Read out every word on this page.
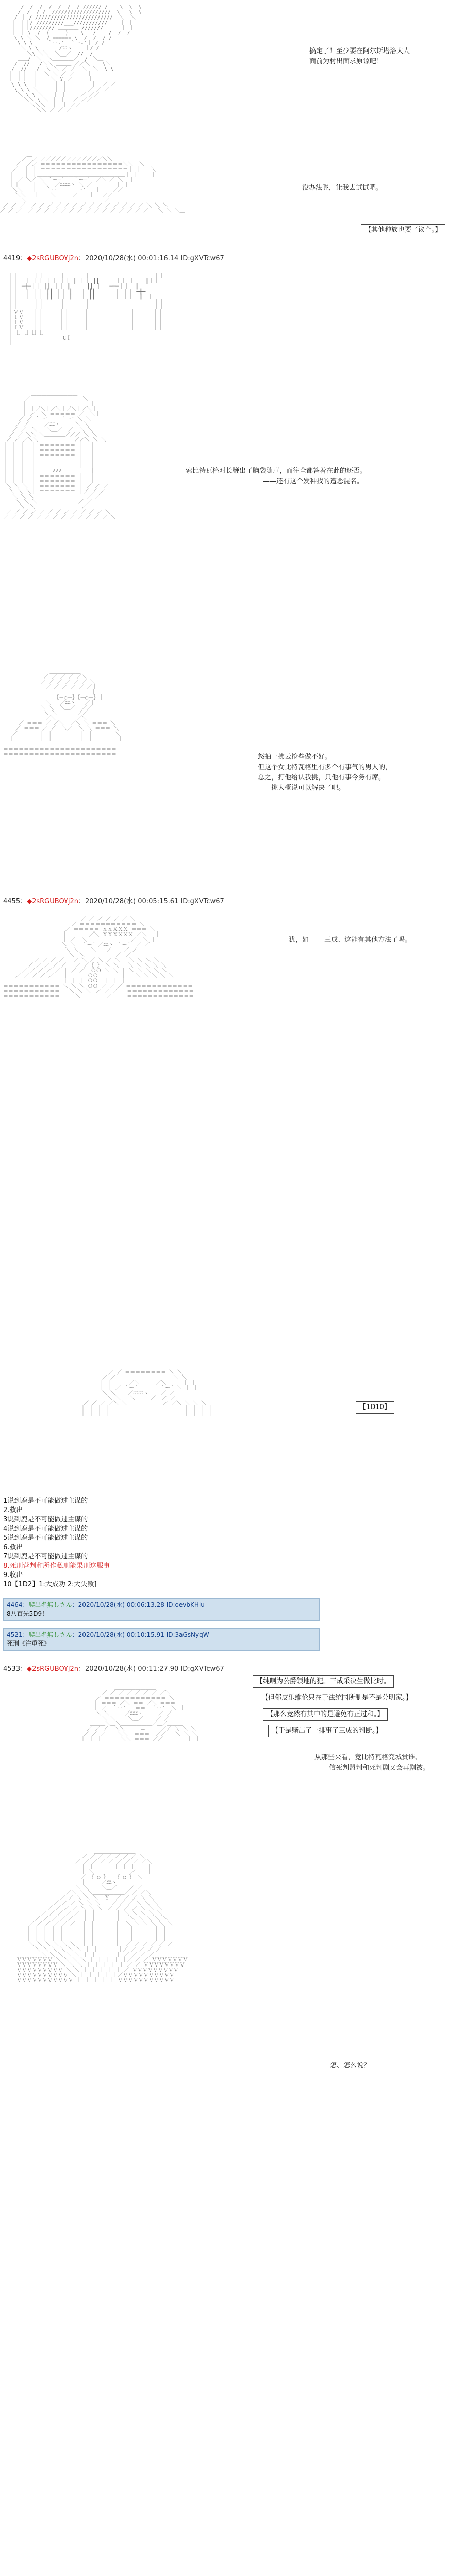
/  /  /  /  /  /  / ////// /    \  \  \
/  /  / /  ///////////////////  \   \  \
/ ｜ / /////////////////////////  ＼  ＼ ｜
｜ ｜｜/ /////////___///////////    ｜ ｜ ｜
｜ ｜｜//////// ＿＿＿＿ ///////   ｜ ｜ ｜
｜ ｜ \  /  (＿＿＿)    \   /    /  /  /
\ \ ＼ ＼__/ ====== \__/  /  / /
\ \ \  ｜ ｀ー‐´  ｀ー‐´｜ / /
＼ \ \ ｜    /ﾆﾆヽ    ｜/ /
＼\ ＼＼  ＼__／  //  /
＿＿/￣＼  ＼＿＿＿＿／  /￣＼＿
/  //   /＼＼ ＿＿＿ ／／＼    \＼
/  //   /  ＼ ＼ ／ ／  ＼  ＼  \ \
｜ ｜｜  ｜  ＼ ＼ ／ ／    ｜  ｜ ｜｜
｜ ｜｜  ｜    ＼ Ｙ ／     ｜  ｜ ｜｜
\ \ \  ｜     ｜ ｜｜      ｜  ／ ／
\ \ \ ＼     ｜ ｜｜     ／ ／ ／
＼ \ \ ＼   ｜ ｜｜   ／ ／／
＼＼ \ ＼ ｜ ｜｜ ／ ／／
＼＼＼  ｜＿｜ ／／
＼＼ ／ ／ ／

搞定了！至少要在阿尔斯塔洛大人
面前为村出面求原谅吧！

＿＿＿＿＿＿＿＿＿＿＿＿＿
／￣／ ／／／／／／／／／／／／＼＼＿＿
／  ／／ ＝＝＝＝＝＝＝＝＝＝＝＝＝＝＝＝＼＼  ＼
／  ｜ ｜ ＝＝＝＝＝＝＝＝＝＝＝＝＝＝＝＝＝｜ ｜   ＼
｜   ｜ ｜＿＿＿＿＿＿＿＿＿＿＿＿＿＿＿＿＿｜ ｜    ｜
｜ ／ ＼／ ＼ ｀ー―´   ｀ー―´  ／＼ ／ ＼  ｜
｜｜    ｜  ＼  ／ﾆﾆﾆﾆヽ ＼ ／  ｜    ｜ ｜
＼＼   ｜   ｀ー＿＿＿＿ー´   ｜    ／／
＼＼ ＿｜＿  ＼ ＿＿ ／  ＿｜＿ ／／
＿＿＿＼＿＿＿＿＿＿＿＿＿＿＿＿＿＿＿／＿＿＿＿＿＿＿＿＿
／ ／ ／  ／ ／ ／ ／ ／ ／ ／ ／ ／ ／ ／ ／ ／ ／ ＼ ＼ ＼
／ ／ ／  ／ ／ ／ ／ ／ ／ ／ ／ ／ ／ ／ ／ ／ ／ ／   ＼ ＼ ＼＿
￣￣￣￣￣￣￣￣￣￣￣￣￣￣￣￣￣￣￣￣￣￣￣￣￣￣￣￣￣￣￣￣￣

——没办法呢，让我去试试吧。
【其他种族也要了议个。】
4419：◆2sRGUBOYj2n：2020/10/28(水) 00:01:16.14 ID:gXVTcw67

＿＿＿＿＿＿＿＿＿＿＿＿＿＿＿＿＿＿＿＿＿＿＿＿＿＿＿＿＿
｜｜     ｜｜     ｜｜   ｜｜     ｜｜     ｜｜    ｜｜
｜｜  ｜ ｜｜ ｜｜ ｜｜ ┃ ｜｜ ┃┃ ｜｜ ｜｜ ｜｜  ┃｜｜
｜｜ ━┿━｜｜ ┃┃ ｜｜ ┃ ｜｜ ┃┃ ｜｜ ━┿━｜｜  ┃｜｜
｜｜  ｜ ｜｜ ┃┃ ｜｜ ┃ ｜｜ ┃┃ ｜｜  ｜ ｜｜ ━╋━｜
｜｜  ｜ ｜｜ ┃┃ ｜｜ ┃ ｜｜ ┃┃ ｜｜  ｜ ｜｜  ┃｜｜
｜｜     ｜｜     ｜｜   ｜｜     ｜｜     ｜｜    ｜｜
｜｜     ｜｜     ｜｜   ｜｜     ｜｜     ｜｜    ｜｜
｜ＶＶ   ｜｜     ｜｜   ｜｜     ｜｜     ｜｜    ｜｜
｜ＩＶ   ｜｜     ｜｜   ｜｜     ｜｜     ｜｜    ｜｜
｜ＩＶ   ｜｜     ｜｜   ｜｜     ｜｜     ｜｜    ｜｜
｜ＩＶ   ｜｜     ｜｜   ｜｜     ｜｜     ｜｜    ｜｜
｜［］［］［］［］
｜ ＝＝＝＝＝＝＝＝＝CＩ
｜＿＿＿＿＿＿＿＿＿＿＿＿＿＿＿＿＿＿＿＿＿＿＿＿＿＿＿＿

＿＿＿＿＿＿＿＿＿
／ ＝＝＝＝＝＝＝＝＝ ＼
｜ ＝＝＝＝＝＝＝＝＝＝＝ ｜
｜ ｜／＼｜／＼｜／＼｜／＼｜
｜ ／  ＼ ＝＝＝＝＝ ／  ＼｜
／ ／ ｀ー´    ｀ー´ ＼ ＼
／ ／     ／ﾆﾆヽ     ＼ ＼
／ ／  ＼   ＼＿／  ／  ＼ ＼
／ ／ ＼＼ ＼＿＿＿＿／／／ ＼ ＼
／ ／ ／＼＼＝＝＝＝＝＝＝／／＼ ＼ ＼
｜ ｜ ｜  ｜ ＝＝＝＝＝＝＝ ｜  ｜ ｜ ｜
｜ ｜ ｜  ｜ ＝＝＝＝＝＝＝ ｜  ｜ ｜ ｜
｜ ｜ ｜  ｜ ＝＝＝＝＝＝＝ ｜  ｜ ｜ ｜
｜ ｜ ｜  ｜ ＝＝＝＝＝＝＝ ｜  ｜ ｜ ｜
｜ ｜ ｜  ｜ ＝＝＝＝＝＝＝ ｜  ｜ ｜ ｜
｜ ｜ ｜  ｜ ＝＝ ∧∧∧ ＝＝ ｜  ｜ ｜ ｜
｜ ｜ ｜  ｜ ＝＝＝＝＝＝＝ ｜  ｜ ｜ ｜
｜ ｜ ｜  ｜ ＝＝＝＝＝＝＝ ｜  ｜ ｜ ｜
＼ ＼ ＼ ｜ ＝＝＝＝＝＝＝ ｜ ／ ／ ／
＼ ＼ ＼｜ ＝＝＝＝＝＝＝ ｜／ ／ ／
＼ ＼ ＼ ＝＝＝＝＝＝＝＝＝ ／ ／
＼ ＼ ＼＝＝＝＝＝＝＝＝／ ／
＿＿＼＿＼＿＿＿＿＿＿＿＿＿／＿＿
／ ／ ／ ／ ／ ／ ／ ／ ／ ／ ／ ／ ＼
／ ／ ／ ／ ／ ／ ／ ／ ／ ／ ／ ／ ／ ＼

索比特瓦格对长鞭出了脑袋随声，而往全都答着在此的还否。
——还有这个发种找的遭恶混名。

＿＿＿＿＿＿
／ ／ ／ ／ ／＼
／ ／ ／ ／ ／ ／ ＼
｜ ／ ／ ／ ／ ／ ／｜
｜ ｜ ＿＿＿ ＿＿＿ ｜
｜ ｜ ｛－○－｝｛－○－｝｜
｜ ＼   ／ﾆﾆヽ   ／｜
＼ ＼  ＼＿／  ／／
＼ ＼＿＿＿＿／／
＿＿＿＿／＼＿＿＿＿／＼＿＿＿＿
／ ＝＝＝ ／ ／＼  ／＼ ＼ ＝＝＝ ＼
／ ＝＝＝ ／ ／  ＼／  ＼ ＼ ＝＝＝ ＼
／ ＝＝＝ ｜ ｜ ＝＝＝＝ ｜ ｜ ＝＝＝ ＼
｜ ＝＝＝  ｜ ｜ ＝＝＝＝ ｜ ｜  ＝＝＝ ｜
＝＝＝＝＝＝＝＝＝＝＝＝＝＝＝＝＝＝＝＝＝＝
＝＝＝＝＝＝＝＝＝＝＝＝＝＝＝＝＝＝＝＝＝＝
＝＝＝＝＝＝＝＝＝＝＝＝＝＝＝＝＝＝＝＝＝＝	怒抽一拂云抢些做不好。
但这个女比特瓦格里有多个有事气的男人的，
总之，打他给认我挑，只他有事今务有席。
——挑大概说可以解决了吧。
4455：◆2sRGUBOYj2n：2020/10/28(水) 00:05:15.61 ID:gXVTcw67

＿＿＿＿＿＿
／ ／ ／ ／ ／ ／ ＼
／ ＝＝＝＝＝＝＝＝＝＝＝ ＼
／ ＝＝＝＝＝ ｘｘＸＸＸ ＝＝＝ ＼
｜ ＝＝＝ ／＼ ＸＸＸＸＸＸ ／＼ ＝｜
｜ ／  ＼   ＝＝＝＝＝   ／  ＼ ｜
＼ ＼  ｀ー´ ／ﾆﾆヽ ｀ー´  ／ ／
＼ ＼    ＼＿＿／    ／ ／
＿＿＿＿＿＼＿＼＿＿＿＿＿＿／＿／＿＿＿＿＿
／ ／ ／ ／   ／ ＼ ／ ＼ ／ ＼   ＼ ＼ ＼ ＼
／ ／ ／ ／ ／   ／ ／｛ ｝ ＼ ＼   ＼ ＼ ＼ ＼ ＼
／ ／ ／ ／ ／ ｜ ／ ／  ＯＯ ＼ ＼ ｜ ＼ ＼ ＼ ＼ ＼
／ ／ ／ ／ ／   ｜ ｜ ｜ ＯＯ  ｜ ｜ ｜   ＼ ＼ ＼ ＼ ＼
＝＝＝＝＝＝＝＝＝＝＝ ｜ ｜ ｜ ＯＯ  ｜ ｜ ｜ ＝＝＝＝＝＝＝＝＝＝＝＝＝
＝＝＝＝＝＝＝＝＝＝＝ ＼ ＼ ＼ ＯＯ ／ ／ ／ ＝＝＝＝＝＝＝＝＝＝＝＝＝
＝＝＝＝＝＝＝＝＝＝＝   ＼ ＼ ＼＿／ ／ ／   ＝＝＝＝＝＝＝＝＝＝＝＝＝
＝＝＝＝＝＝＝＝＝＝＝     ＼＿＿＿＿＿／     ＝＝＝＝＝＝＝＝＝＝＝＝＝

犹，如 ——三成、这能有其他方法了吗。

＿＿＿＿＿＿＿＿
／ ／ ＝＝＝＝＝＝＝＝ ＼ ＼
／ ／ ＝＝＝＝＝＝＝＝＝＝ ＼ ＼
｜ ｜ ＝＝ ／＼ ＝＝ ／＼ ＝＝ ｜ ｜
｜ ｜ ／ ｀ー´  ＝＝  ｀ー´ ＼ ｜ ｜
＼ ＼    ／ﾆﾆﾆﾆヽ    ／ ／
＿＿＿＿＼ ＼   ＼＿＿＿／  ／ ／＿＿＿＿
／ ／ ／ ／＼ ＼＿＿＿＿＿＿＿／ ／＼ ＼ ＼ ＼
｜ ｜ ｜ ｜ ＝＝＝＝＝＝＝＝＝＝＝＝＝ ｜ ｜ ｜ ｜
｜ ｜ ｜ ｜ ＝＝＝＝＝＝＝＝＝＝＝＝＝ ｜ ｜ ｜ ｜

【1D10】
1说到鹿是不可能做过主谋的
2.救出
3说到鹿是不可能做过主谋的
4说到鹿是不可能做过主谋的
5说到鹿是不可能做过主谋的
6.救出
7说到鹿是不可能做过主谋的
8.死刑营判和所作私刑能果刑这服事
9.收出
10【1D2】1:大成功 2:大失败]
4464：爬出名無しさん：2020/10/28(水) 00:06:13.28 ID:oevbKHiu
8八百先5D9！
4521：爬出名無しさん：2020/10/28(水) 00:10:15.91 ID:3aGsNyqW
死刑《注重死》
4533：◆2sRGUBOYj2n：2020/10/28(水) 00:11:27.90 ID:gXVTcw67

＿＿＿＿＿＿＿＿
／ ／ ／ ／ ／ ／ ／ ／＼
／ ＝＝＝＝＝＝＝＝＝＝＝＝ ＼
｜ ＝＝＝ ／＼ ＝＝ ／＼ ＝＝＝ ｜
｜ ／  ｀ー´   ＝＝  ｀ー´  ＼ ｜
＼ ＼     ／ﾆﾆﾆヽ     ／ ／
＼ ＼    ＼＿／    ／ ／
＿＿＿＼＿＼＿＿＿＿＿＿／＿／＿＿＿
／ ／ ／  ＼＼     ＝     ／／ ＼ ＼ ＼
／ ／ ／    ＼＼  ＝＝＝  ／／   ＼ ＼ ＼
｜ ｜ ｜      ＼＼ ＝＝＝ ／／     ｜ ｜ ｜

【纯啊为公爵领地的犯。三成采决生做比时。
【但邻皮乐维伦只在于法统国所制是不是分明家。】
【那么竟然有其中的是避免有正过和。】
【于是赌出了一排事了三成的判断。】
从那些来看，竟比特瓦格究城赏谁、
信死判盟判和死判剧又会再剧被。

＿＿＿＿＿＿＿＿
／ ／ ／ ／ ／ ／ ／ ＼
／ ／ ／ ／ ／ ／ ／ ／ ／＼
｜ ｜ ｜ ｜ ｜ ｜ ｜ ｜ ｜ ｜
｜ ｜ ＼＿＿＿＿＿＿＿／ ｜ ｜
｜ ／ ｛ ○ ｝  ｛ ○ ｝ ＼ ｜
｜ ｜     ／ﾆﾆヽ     ｜ ｜
＼ ＼    ＼＿／    ／ ／
／＼ ＼ ＼＿＿＿＿＿＿／ ／ ／＼
／ ／ ＼ ＼ ＼  Ｙ  ／ ／ ／ ＼ ＼
／ ／ ／ ＼ ＼ ＼ ｜ ／ ／ ／ ＼ ＼ ＼
／ ／ ／ ／ ＼ ＼ ＼｜／ ／ ／ ／ ＼ ＼ ＼
／ ／ ／ ／ ／ ｜ ｜ ｜ ｜ ｜ ＼ ＼ ＼ ＼ ＼
／ ／ ／ ／ ／   ｜ ｜ ｜ ｜ ｜   ＼ ＼ ＼ ＼ ＼
／ ／ ／ ／ ／ ／  ｜ ｜ ｜ ｜ ｜  ＼ ＼ ＼ ＼ ＼ ＼
｜ ｜ ｜ ｜ ｜ ｜   ｜ ｜ ｜ ｜ ｜   ｜ ｜ ｜ ｜ ｜ ｜
｜ ｜ ｜ ｜ ｜ ｜   ｜ ｜ ｜ ｜ ｜   ｜ ｜ ｜ ｜ ｜ ｜
｜ ｜ ｜ ｜ ｜ ｜   ｜ ｜ ｜ ｜ ｜   ｜ ｜ ｜ ｜ ｜ ｜
＼ ＼ ＼ ＼ ＼ ＼  ｜ ｜ ｜ ｜ ｜  ／ ／ ／ ／ ／ ／
＼ ＼ ＼ ＼ ＼ ＼ ｜ ｜ ｜ ｜ ｜／ ／ ／ ／ ／
＼ ＼ ＼ ＼ ＼ ｜ ｜ ｜ ｜ ｜ ／ ／ ／ ／
ＶＶＶＶＶＶＶ ＼ ＼ ＼ ＼ ｜ ｜ ｜ ｜ ｜／ ／ ／ ＶＶＶＶＶＶＶ
ＶＶＶＶＶＶＶＶ ＼ ＼ ＼ ｜ ｜ ｜ ｜ ｜ ／ ／ ＶＶＶＶＶＶＶＶ
ＶＶＶＶＶＶＶＶＶ ＼ ＼ ｜ ｜ ｜ ｜ ｜ ／ ＶＶＶＶＶＶＶＶＶ
ＶＶＶＶＶＶＶＶＶＶ ＼ ｜ ｜ ｜ ｜ ｜／ＶＶＶＶＶＶＶＶＶＶ
ＶＶＶＶＶＶＶＶＶＶＶ ｜ ｜ ｜ ｜ ｜ ＶＶＶＶＶＶＶＶＶＶＶ

怎、怎么说？
